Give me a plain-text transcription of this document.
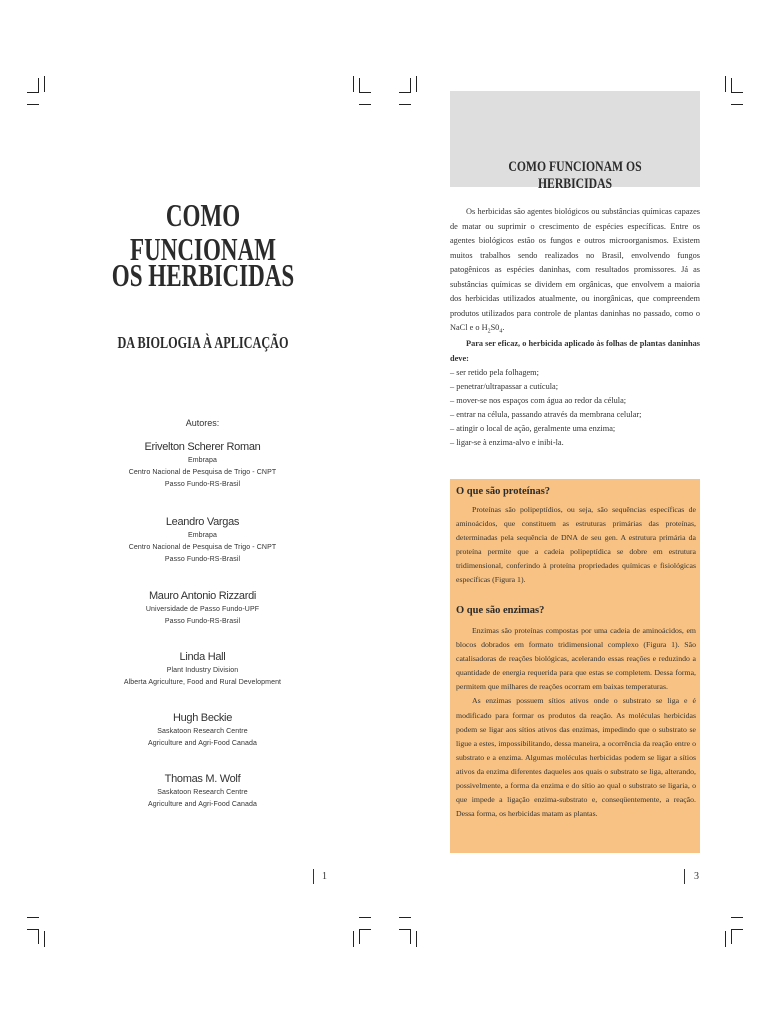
COMO FUNCIONAM
OS HERBICIDAS
DA BIOLOGIA À APLICAÇÃO
Autores:
Erivelton Scherer Roman
Embrapa
Centro Nacional de Pesquisa de Trigo - CNPT
Passo Fundo-RS-Brasil
Leandro Vargas
Embrapa
Centro Nacional de Pesquisa de Trigo - CNPT
Passo Fundo-RS-Brasil
Mauro Antonio Rizzardi
Universidade de Passo Fundo-UPF
Passo Fundo-RS-Brasil
Linda Hall
Plant Industry Division
Alberta Agriculture, Food and Rural Development
Hugh Beckie
Saskatoon Research Centre
Agriculture and Agri-Food Canada
Thomas M. Wolf
Saskatoon Research Centre
Agriculture and Agri-Food Canada
1
COMO FUNCIONAM OS HERBICIDAS

Os herbicidas são agentes biológicos ou substâncias químicas capazes de matar ou suprimir o crescimento de espécies específicas. Entre os agentes biológicos estão os fungos e outros microorganismos. Existem muitos trabalhos sendo realizados no Brasil, envolvendo fungos patogênicos as espécies daninhas, com resultados promissores. Já as substâncias químicas se dividem em orgânicas, que envolvem a maioria dos herbicidas utilizados atualmente, ou inorgânicas, que compreendem produtos utilizados para controle de plantas daninhas no passado, como o NaCl e o $H_2S0_4$.

Para ser eficaz, o herbicida aplicado às folhas de plantas daninhas deve:

– ser retido pela folhagem;
– penetrar/ultrapassar a cutícula;
– mover-se nos espaços com água ao redor da célula;
– entrar na célula, passando através da membrana celular;
– atingir o local de ação, geralmente uma enzima;
– ligar-se à enzima-alvo e inibi-la.
O que são proteínas?

Proteínas são polipeptídios, ou seja, são sequências específicas de aminoácidos, que constituem as estruturas primárias das proteínas, determinadas pela sequência de DNA de seu gen. A estrutura primária da proteína permite que a cadeia polipeptídica se dobre em estrutura tridimensional, conferindo à proteína propriedades químicas e fisiológicas específicas (Figura 1).

O que são enzimas?

Enzimas são proteínas compostas por uma cadeia de aminoácidos, em blocos dobrados em formato tridimensional complexo (Figura 1). São catalisadoras de reações biológicas, acelerando essas reações e reduzindo a quantidade de energia requerida para que estas se completem. Dessa forma, permitem que milhares de reações ocorram em baixas temperaturas.

As enzimas possuem sítios ativos onde o substrato se liga e é modificado para formar os produtos da reação. As moléculas herbicidas podem se ligar aos sítios ativos das enzimas, impedindo que o substrato se ligue a estes, impossibilitando, dessa maneira, a ocorrência da reação entre o substrato e a enzima. Algumas moléculas herbicidas podem se ligar a sítios ativos da enzima diferentes daqueles aos quais o substrato se liga, alterando, possivelmente, a forma da enzima e do sítio ao qual o substrato se ligaria, o que impede a ligação enzima-substrato e, conseqüentemente, a reação. Dessa forma, os herbicidas matam as plantas.

3
